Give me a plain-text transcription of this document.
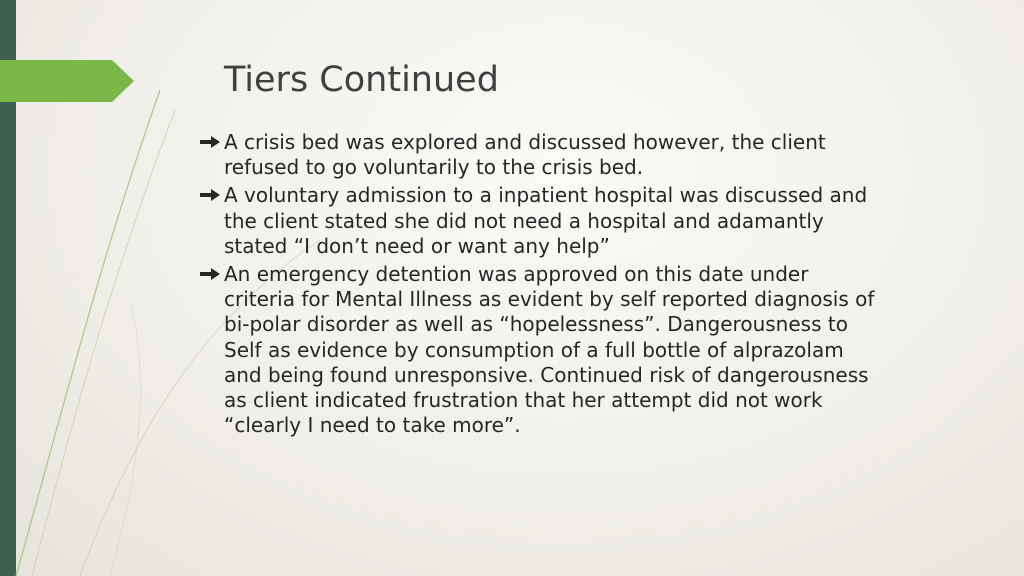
Tiers Continued
A crisis bed was explored and discussed however, the client refused to go voluntarily to the crisis bed.
A voluntary admission to a inpatient hospital was discussed and the client stated she did not need a hospital and adamantly stated “I don’t need or want any help”
An emergency detention was approved on this date under criteria for Mental Illness as evident by self reported diagnosis of bi-polar disorder as well as “hopelessness”. Dangerousness to Self as evidence by consumption of a full bottle of alprazolam and being found unresponsive. Continued risk of dangerousness as client indicated frustration that her attempt did not work “clearly I need to take more”.
